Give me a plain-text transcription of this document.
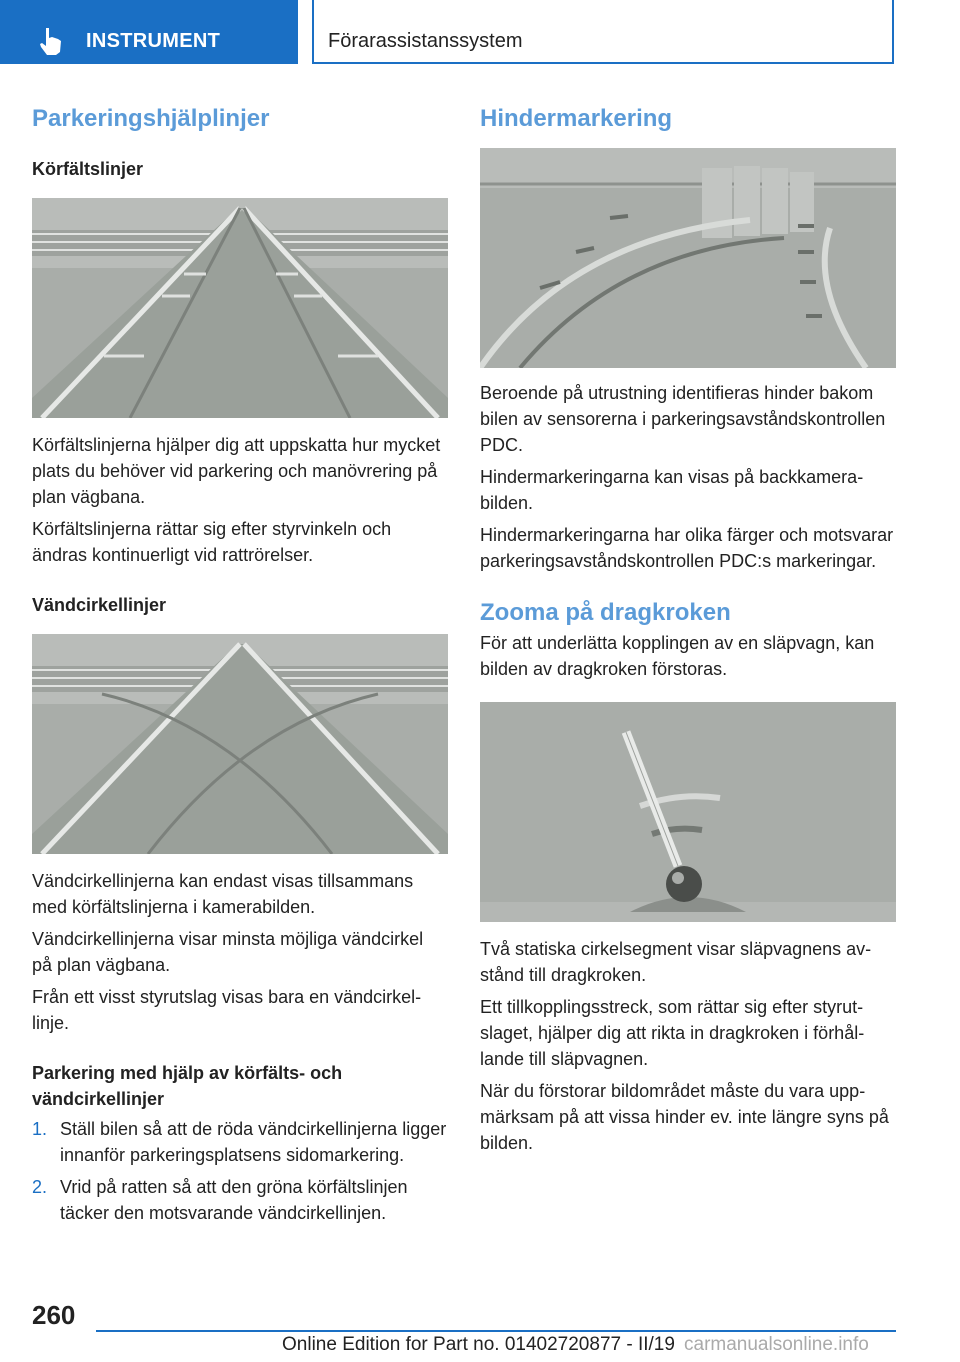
INSTRUMENT	Förarassistanssystem
Parkeringshjälplinjer
Körfältslinjer

Körfältslinjerna hjälper dig att uppskatta hur mycket plats du behöver vid parkering och manövrering på plan vägbana.

Körfältslinjerna rättar sig efter styrvinkeln och ändras kontinuerligt vid rattrörelser.

Vändcirkellinjer

Vändcirkellinjerna kan endast visas tillsammans med körfältslinjerna i kamerabilden.

Vändcirkellinjerna visar minsta möjliga vändcirkel på plan vägbana.

Från ett visst styrutslag visas bara en vändcirkellinje.

Parkering med hjälp av körfälts- och vändcirkellinjer
1. Ställ bilen så att de röda vändcirkellinjerna ligger innanför parkeringsplatsens sidomarkering.
2. Vrid på ratten så att den gröna körfältslinjen täcker den motsvarande vändcirkellinjen.
Hindermarkering

Beroende på utrustning identifieras hinder bakom bilen av sensorerna i parkeringsavståndskontrollen PDC.

Hindermarkeringarna kan visas på backkamerabilden.

Hindermarkeringarna har olika färger och motsvarar parkeringsavståndskontrollen PDC:s markeringar.

Zooma på dragkroken

För att underlätta kopplingen av en släpvagn, kan bilden av dragkroken förstoras.

Två statiska cirkelsegment visar släpvagnens avstånd till dragkroken.

Ett tillkopplingsstreck, som rättar sig efter styrutslaget, hjälper dig att rikta in dragkroken i förhållande till släpvagnen.

När du förstorar bildområdet måste du vara uppmärksam på att vissa hinder ev. inte längre syns på bilden.

260
Online Edition for Part no. 01402720877 - II/19 carmanualsonline.info
